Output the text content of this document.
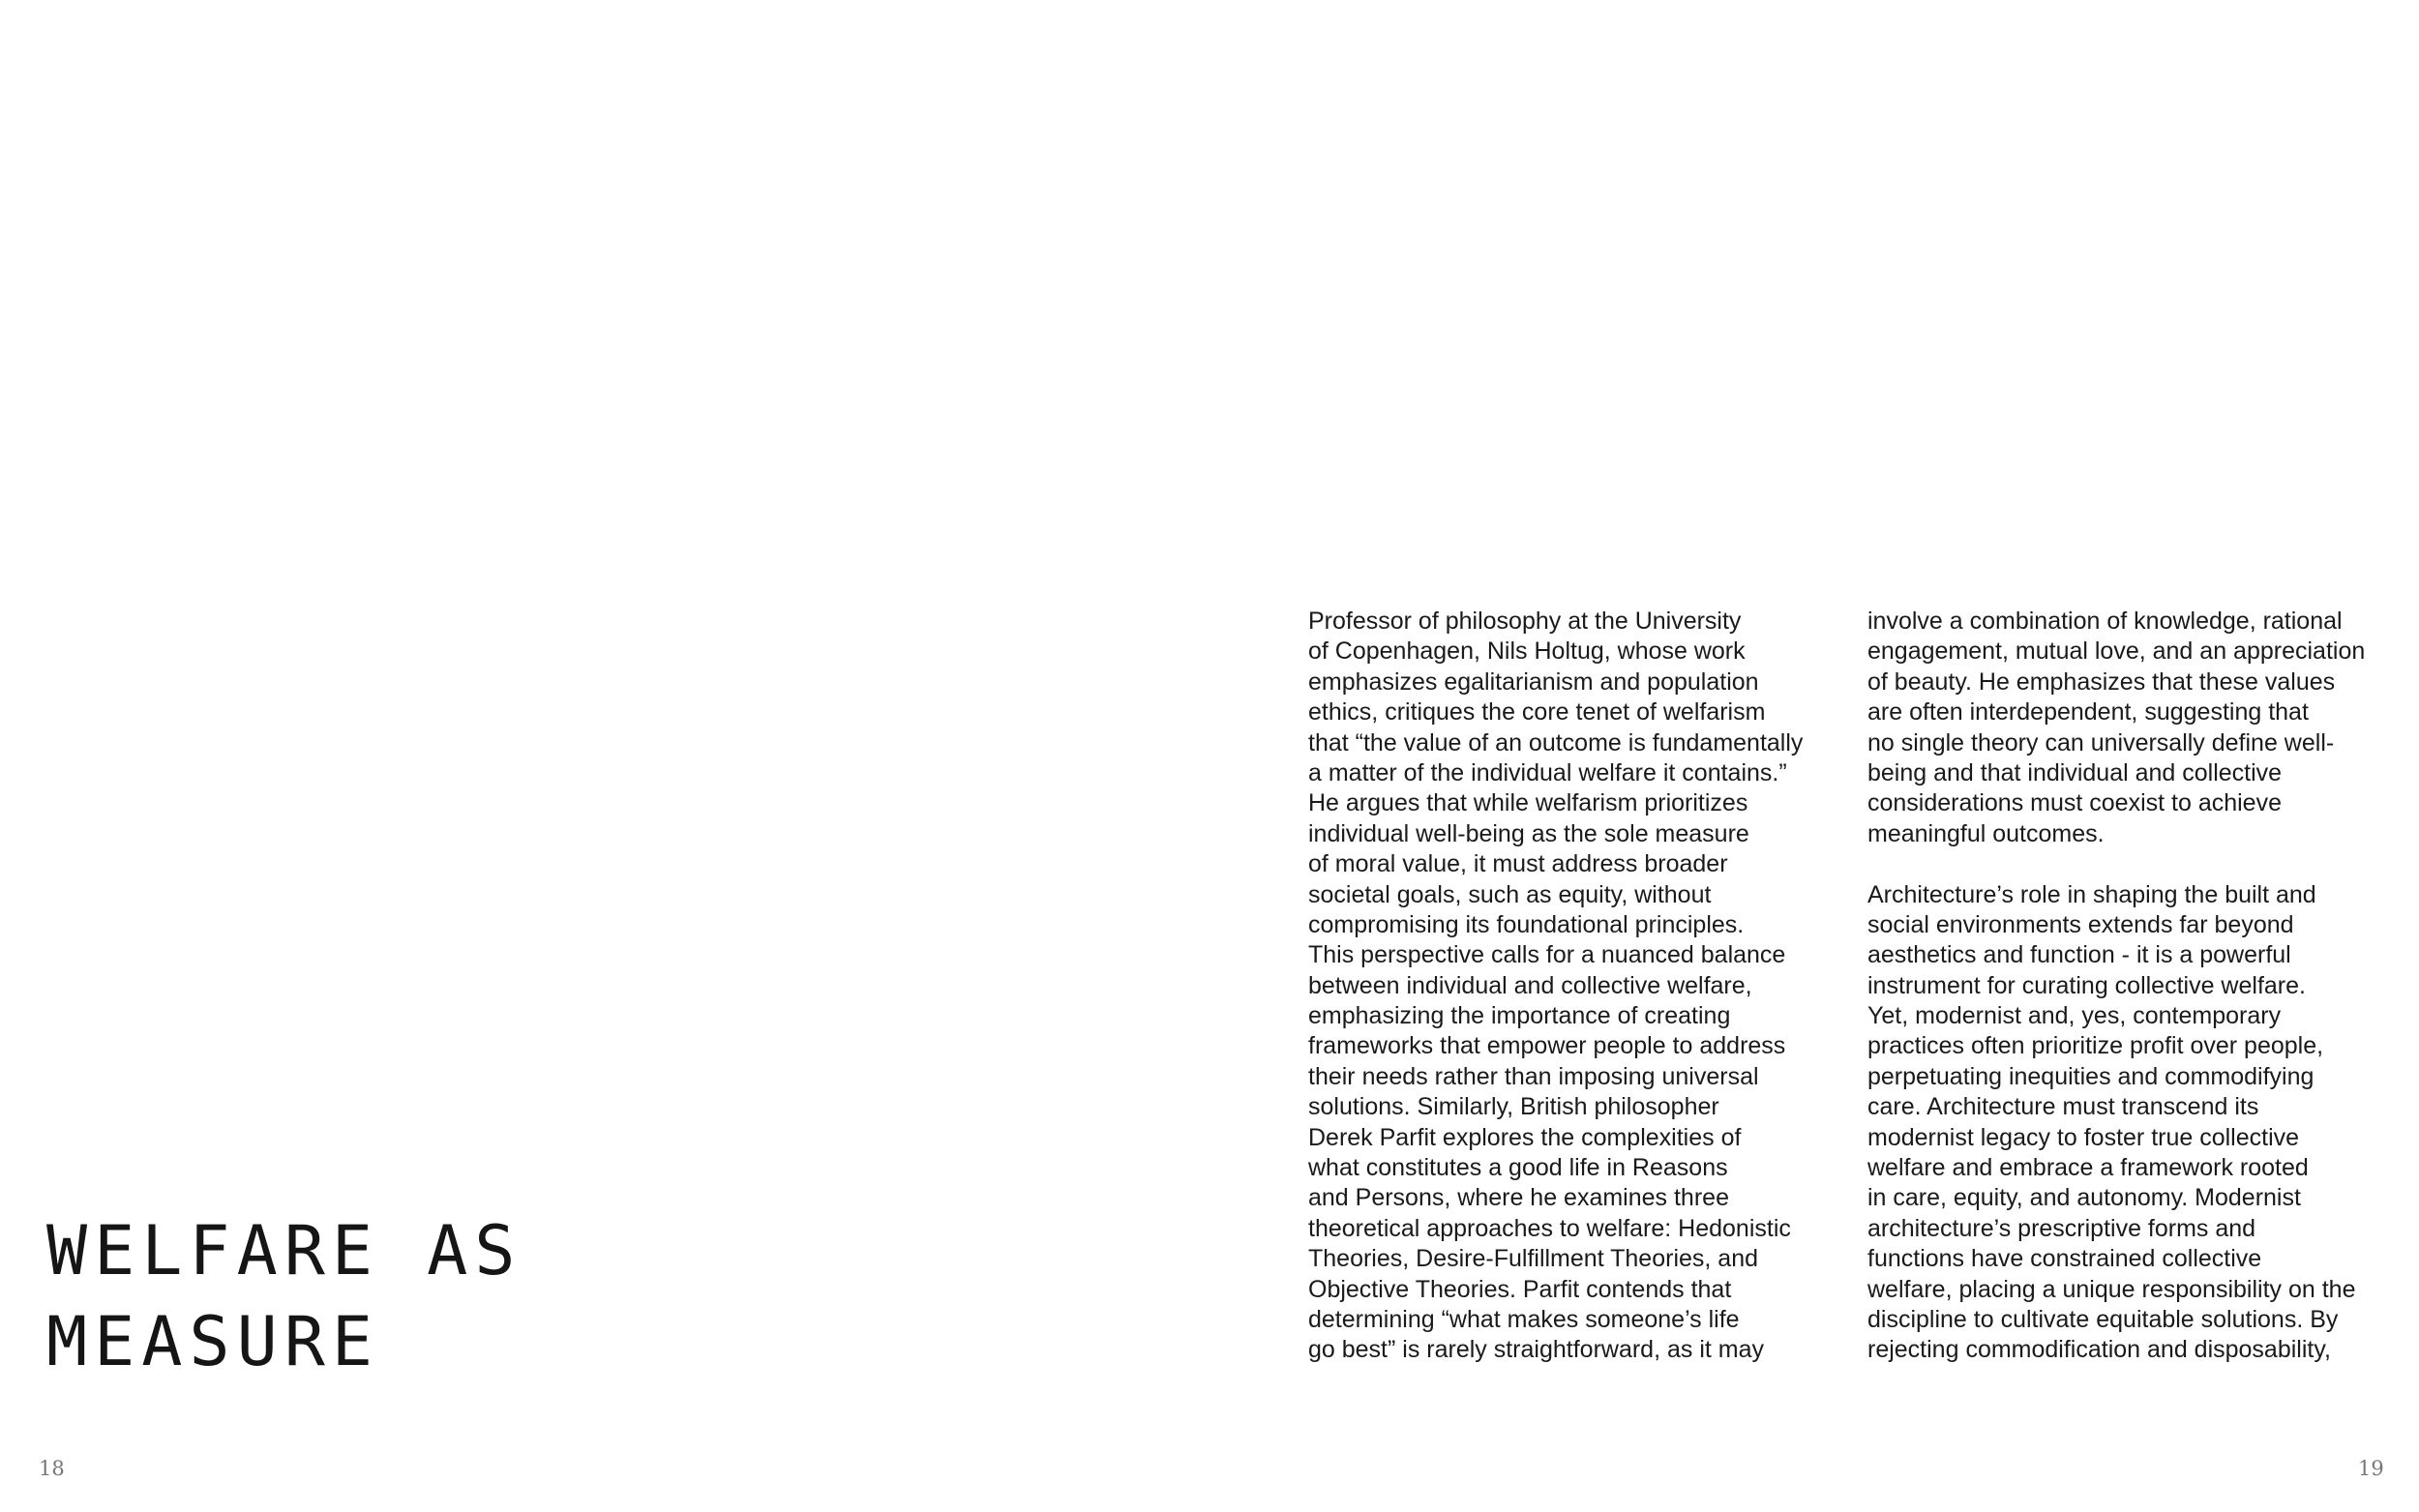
WELFARE AS
MEASURE
Professor of philosophy at the University
of Copenhagen, Nils Holtug, whose work
emphasizes egalitarianism and population
ethics, critiques the core tenet of welfarism
that “the value of an outcome is fundamentally
a matter of the individual welfare it contains.”
He argues that while welfarism prioritizes
individual well-being as the sole measure
of moral value, it must address broader
societal goals, such as equity, without
compromising its foundational principles.
This perspective calls for a nuanced balance
between individual and collective welfare,
emphasizing the importance of creating
frameworks that empower people to address
their needs rather than imposing universal
solutions. Similarly, British philosopher
Derek Parfit explores the complexities of
what constitutes a good life in Reasons
and Persons, where he examines three
theoretical approaches to welfare: Hedonistic
Theories, Desire-Fulfillment Theories, and
Objective Theories. Parfit contends that
determining “what makes someone’s life
go best” is rarely straightforward, as it may
involve a combination of knowledge, rational
engagement, mutual love, and an appreciation
of beauty. He emphasizes that these values
are often interdependent, suggesting that
no single theory can universally define well-
being and that individual and collective
considerations must coexist to achieve
meaningful outcomes.
Architecture’s role in shaping the built and
social environments extends far beyond
aesthetics and function - it is a powerful
instrument for curating collective welfare.
Yet, modernist and, yes, contemporary
practices often prioritize profit over people,
perpetuating inequities and commodifying
care. Architecture must transcend its
modernist legacy to foster true collective
welfare and embrace a framework rooted
in care, equity, and autonomy. Modernist
architecture’s prescriptive forms and
functions have constrained collective
welfare, placing a unique responsibility on the
discipline to cultivate equitable solutions. By
rejecting commodification and disposability,
18	19
